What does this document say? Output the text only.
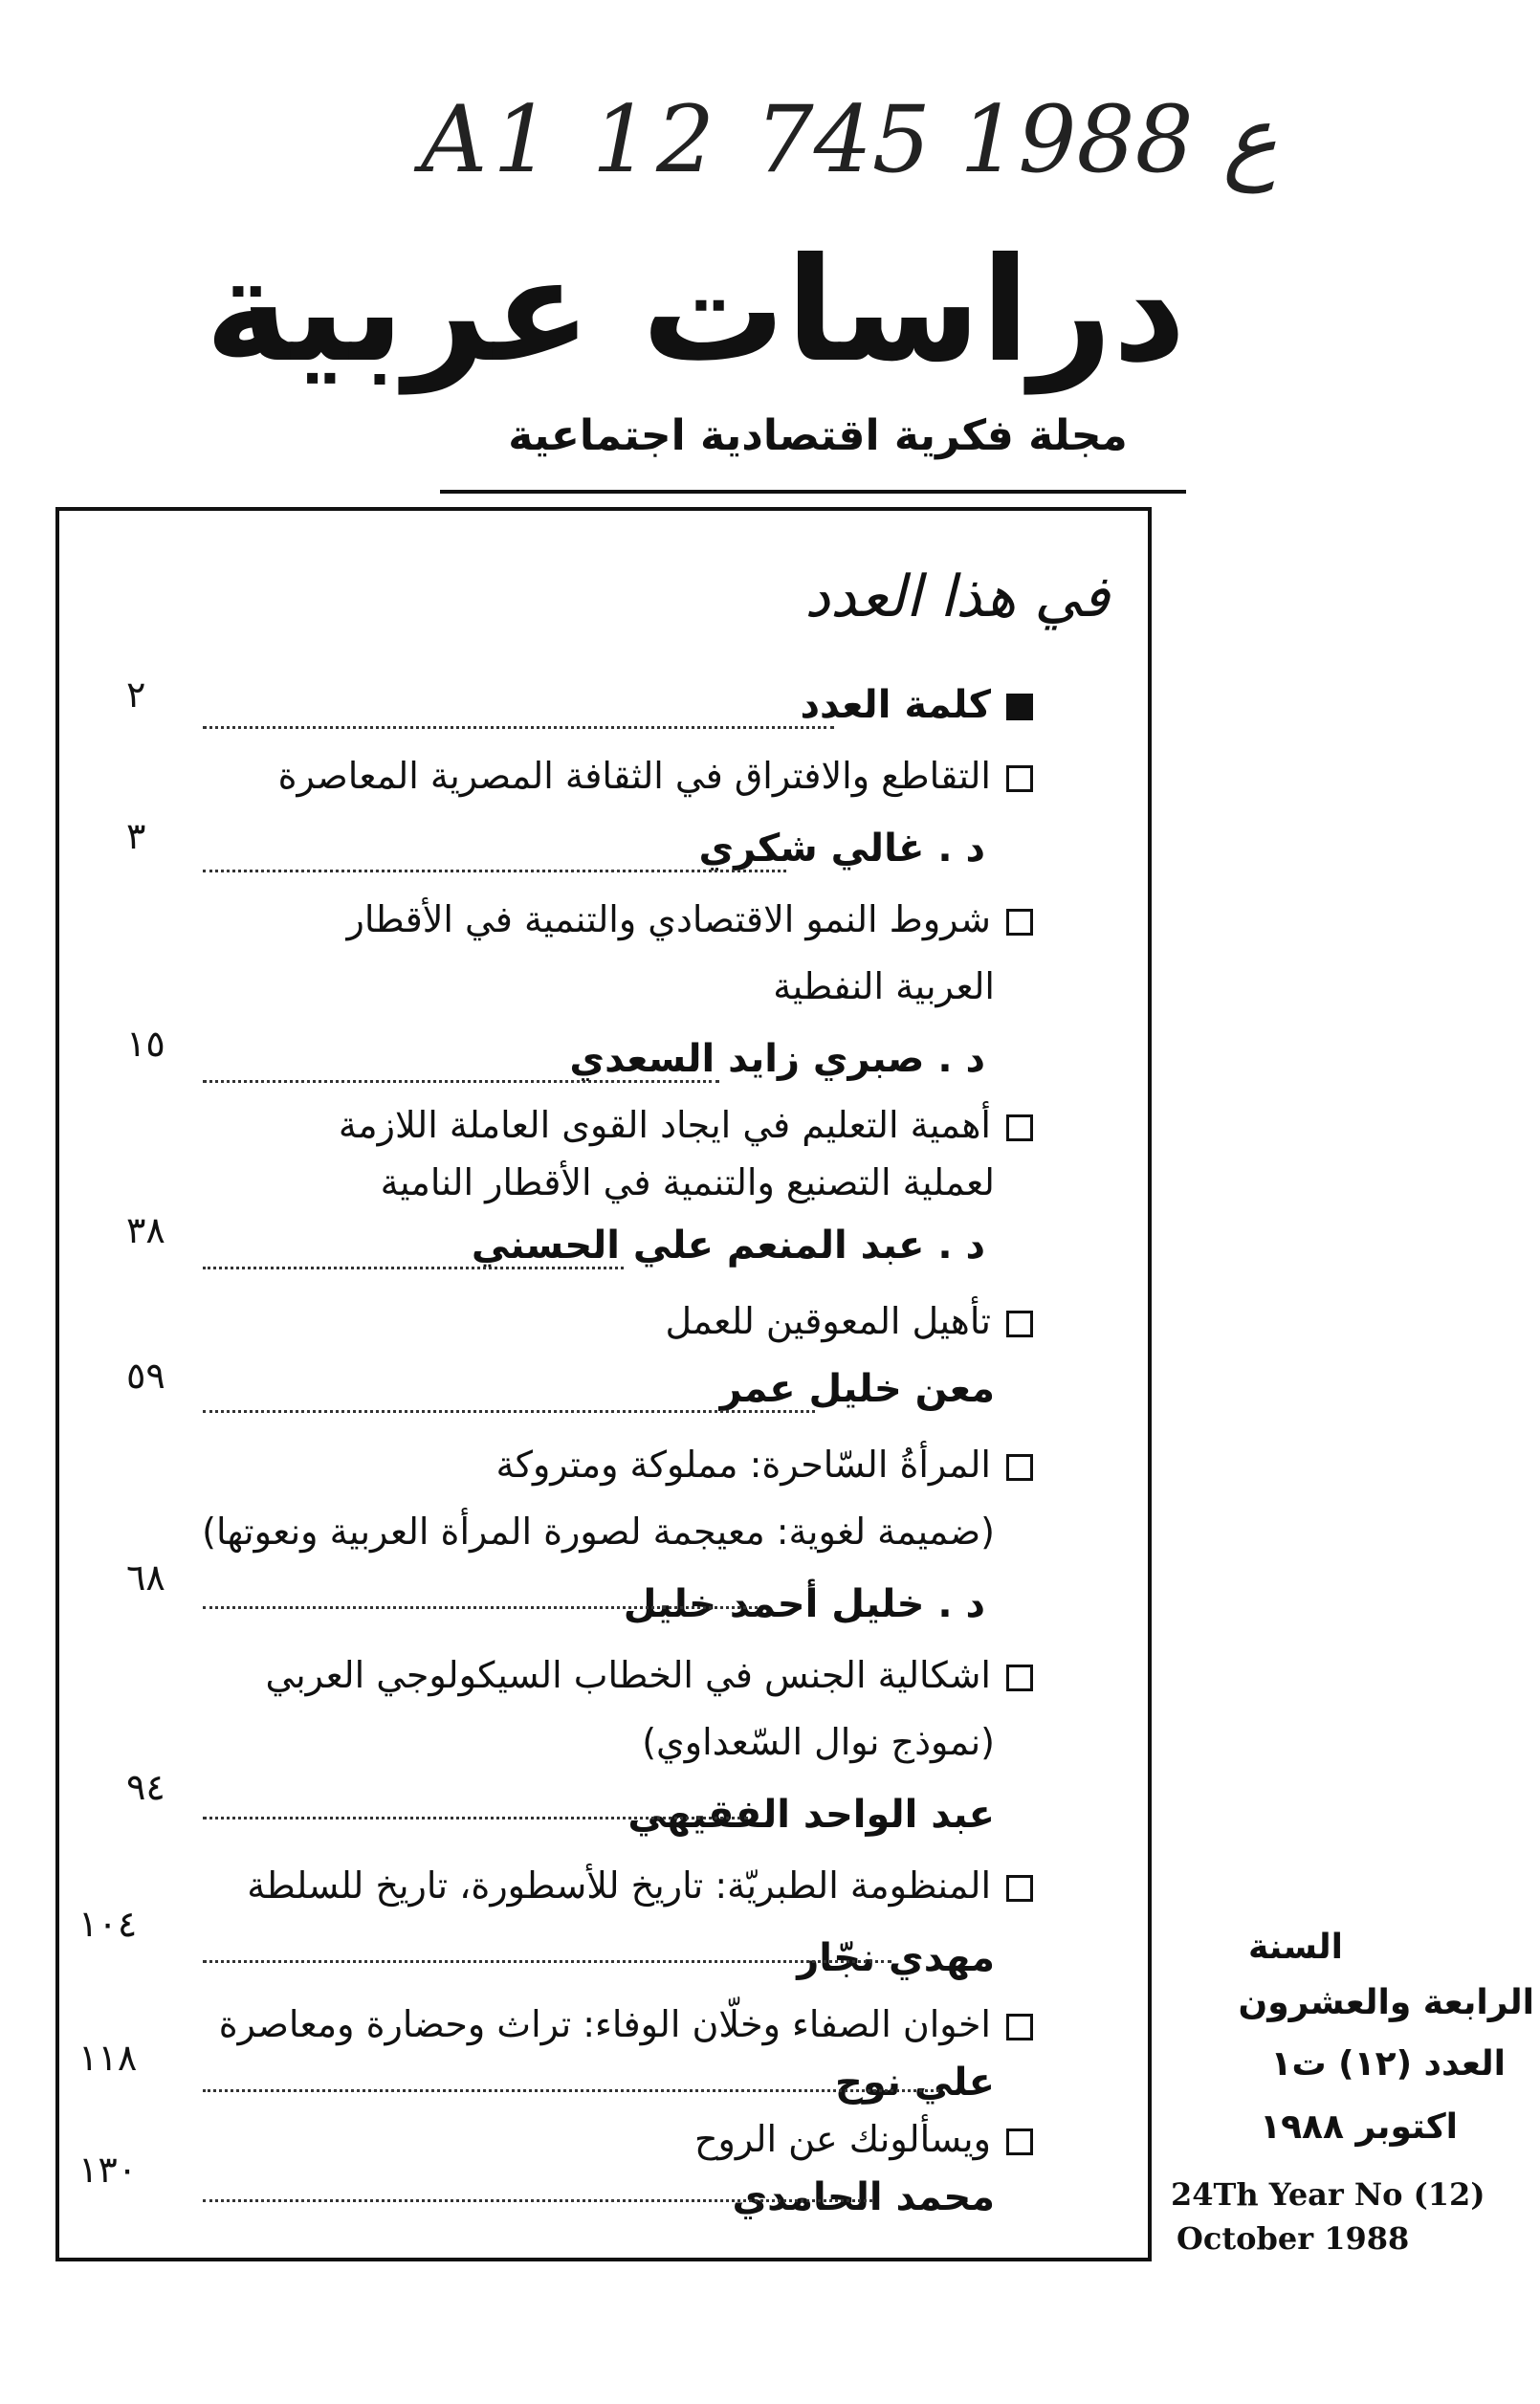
A1 12 ع 1988 745
دراسات عربية
مجلة فكرية اقتصادية اجتماعية
في هذا العدد
كلمة العدد
٢
التقاطع والافتراق في الثقافة المصرية المعاصرة
د . غالي شكري
٣
شروط النمو الاقتصادي والتنمية في الأقطار
العربية النفطية
د . صبري زايد السعدي
١٥
أهمية التعليم في ايجاد القوى العاملة اللازمة
لعملية التصنيع والتنمية في الأقطار النامية
د . عبد المنعم علي الحسني
٣٨
تأهيل المعوقين للعمل
معن خليل عمر
٥٩
المرأةُ السّاحرة: مملوكة ومتروكة
(ضميمة لغوية: معيجمة لصورة المرأة العربية ونعوتها)
د . خليل أحمد خليل
٦٨
اشكالية الجنس في الخطاب السيكولوجي العربي
(نموذج نوال السّعداوي)
عبد الواحد الفقيهي
٩٤
المنظومة الطبريّة: تاريخ للأسطورة، تاريخ للسلطة
مهدي نجّار
١٠٤
اخوان الصفاء وخلّان الوفاء: تراث وحضارة ومعاصرة
علي نوح
١١٨
ويسألونك عن الروح
محمد الحامدي
١٣٠
السنة
الرابعة والعشرون
العدد (١٢) ت١
اكتوبر ١٩٨٨
24Th Year No (12)
October 1988
